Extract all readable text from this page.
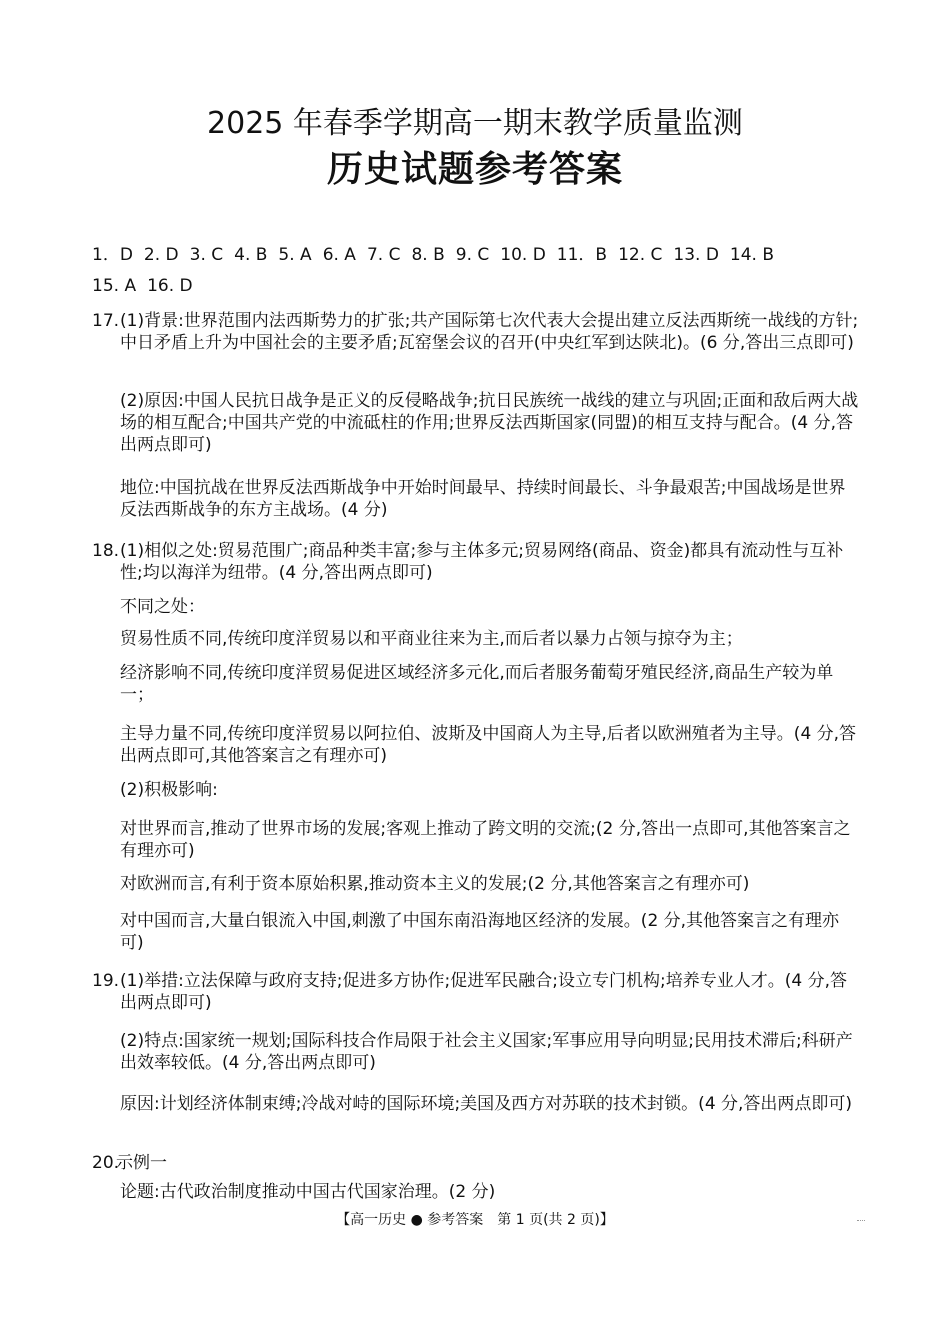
2025 年春季学期高一期末教学质量监测
历史试题参考答案
1．D 2. D 3. C 4. B 5. A 6. A 7. C 8. B 9. C 10. D 11．B 12. C 13. D 14. B
15. A 16. D
17. (1)背景:世界范围内法西斯势力的扩张;共产国际第七次代表大会提出建立反法西斯统一战线的方针;中日矛盾上升为中国社会的主要矛盾;瓦窑堡会议的召开(中央红军到达陕北)。(6 分,答出三点即可)
(2)原因:中国人民抗日战争是正义的反侵略战争;抗日民族统一战线的建立与巩固;正面和敌后两大战场的相互配合;中国共产党的中流砥柱的作用;世界反法西斯国家(同盟)的相互支持与配合。(4 分,答出两点即可)
地位:中国抗战在世界反法西斯战争中开始时间最早、持续时间最长、斗争最艰苦;中国战场是世界反法西斯战争的东方主战场。(4 分)
18. (1)相似之处:贸易范围广;商品种类丰富;参与主体多元;贸易网络(商品、资金)都具有流动性与互补性;均以海洋为纽带。(4 分,答出两点即可)
不同之处：
贸易性质不同,传统印度洋贸易以和平商业往来为主,而后者以暴力占领与掠夺为主；
经济影响不同,传统印度洋贸易促进区域经济多元化,而后者服务葡萄牙殖民经济,商品生产较为单一；
主导力量不同,传统印度洋贸易以阿拉伯、波斯及中国商人为主导,后者以欧洲殖者为主导。(4 分,答出两点即可,其他答案言之有理亦可)
(2)积极影响:
对世界而言,推动了世界市场的发展;客观上推动了跨文明的交流;(2 分,答出一点即可,其他答案言之有理亦可)
对欧洲而言,有利于资本原始积累,推动资本主义的发展;(2 分,其他答案言之有理亦可)
对中国而言,大量白银流入中国,刺激了中国东南沿海地区经济的发展。(2 分,其他答案言之有理亦可)
19. (1)举措:立法保障与政府支持;促进多方协作;促进军民融合;设立专门机构;培养专业人才。(4 分,答出两点即可)
(2)特点:国家统一规划;国际科技合作局限于社会主义国家;军事应用导向明显;民用技术滞后;科研产出效率较低。(4 分,答出两点即可)
原因:计划经济体制束缚;冷战对峙的国际环境;美国及西方对苏联的技术封锁。(4 分,答出两点即可)
20.
示例一
论题:古代政治制度推动中国古代国家治理。(2 分)
【高一历史 ● 参考答案　第 1 页(共 2 页)】
